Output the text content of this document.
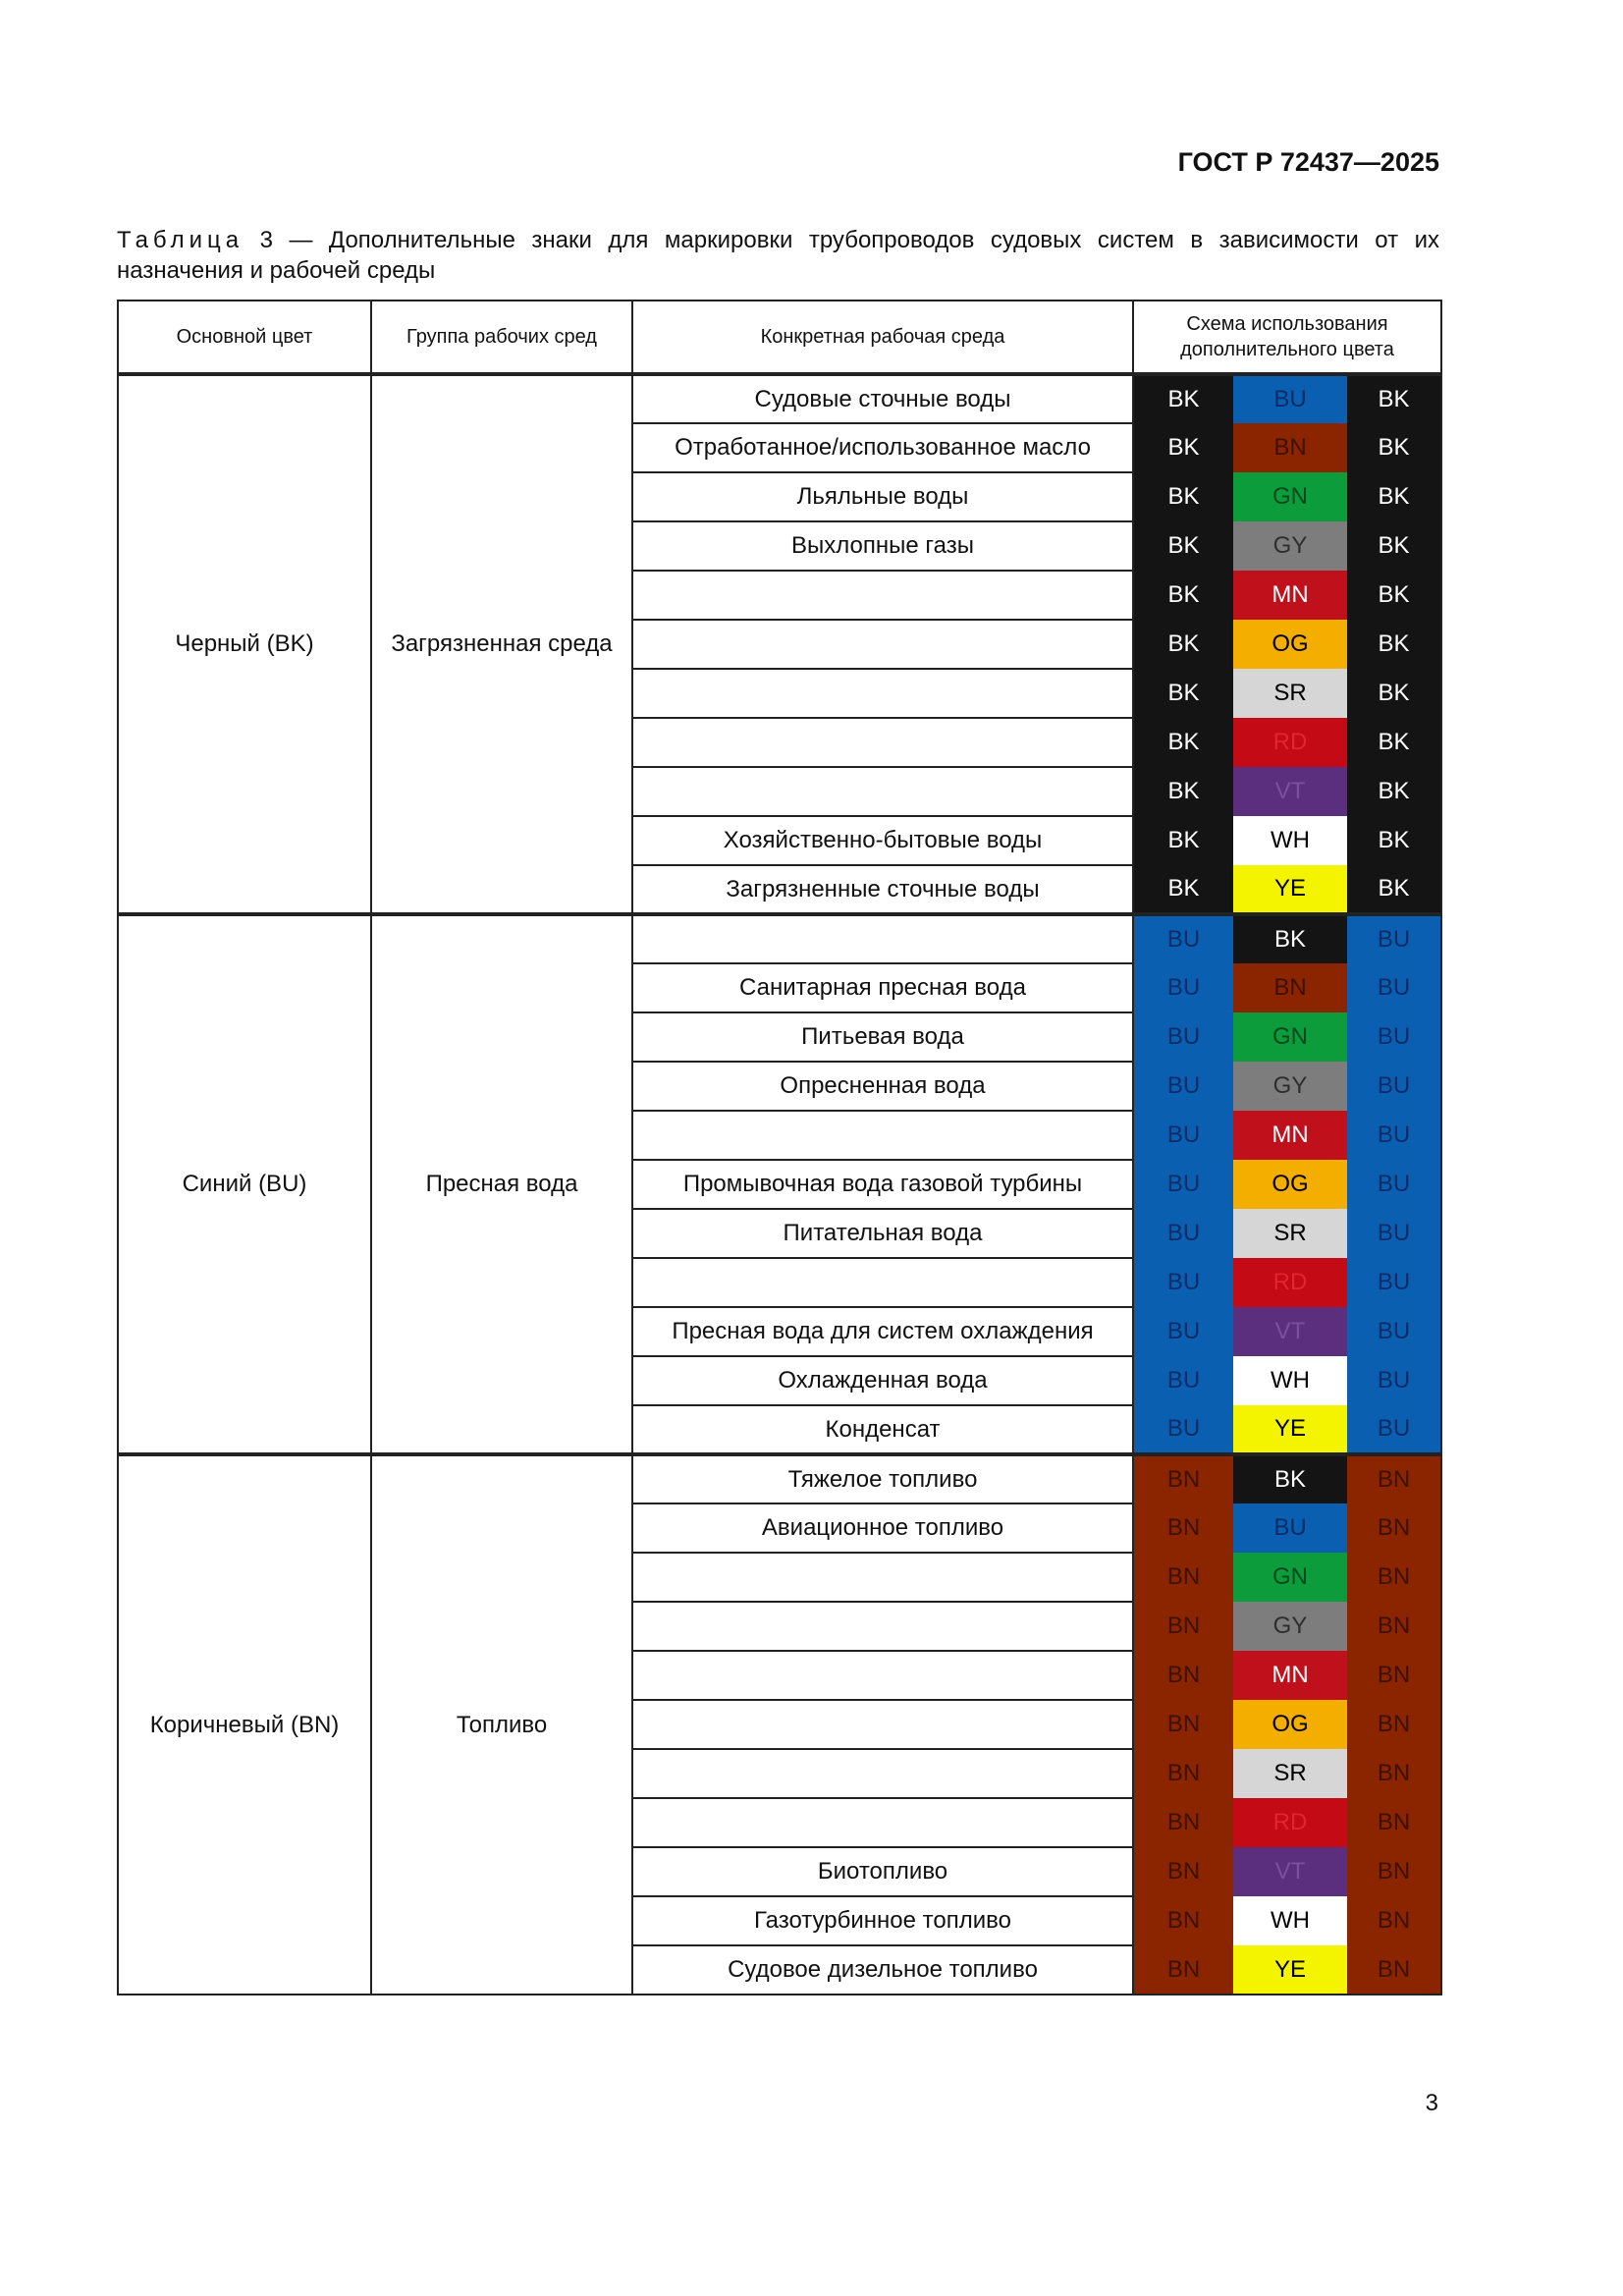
ГОСТ Р 72437—2025
Таблица 3 — Дополнительные знаки для маркировки трубопроводов судовых систем в зависимости от их назначения и рабочей среды
Основной цвет	Группа рабочих сред	Конкретная рабочая среда	Схема использования дополнительного цвета		
Черный (BK)	Загрязненная среда	Судовые сточные воды	BK	BU	BK
		Отработанное/использованное масло	BK	BN	BK
		Льяльные воды	BK	GN	BK
		Выхлопные газы	BK	GY	BK
			BK	MN	BK
			BK	OG	BK
			BK	SR	BK
			BK	RD	BK
			BK	VT	BK
		Хозяйственно-бытовые воды	BK	WH	BK
		Загрязненные сточные воды	BK	YE	BK
Синий (BU)	Пресная вода		BU	BK	BU
		Санитарная пресная вода	BU	BN	BU
		Питьевая вода	BU	GN	BU
		Опресненная вода	BU	GY	BU
			BU	MN	BU
		Промывочная вода газовой турбины	BU	OG	BU
		Питательная вода	BU	SR	BU
			BU	RD	BU
		Пресная вода для систем охлаждения	BU	VT	BU
		Охлажденная вода	BU	WH	BU
		Конденсат	BU	YE	BU
Коричневый (BN)	Топливо	Тяжелое топливо	BN	BK	BN
		Авиационное топливо	BN	BU	BN
			BN	GN	BN
			BN	GY	BN
			BN	MN	BN
			BN	OG	BN
			BN	SR	BN
			BN	RD	BN
		Биотопливо	BN	VT	BN
		Газотурбинное топливо	BN	WH	BN
		Судовое дизельное топливо	BN	YE	BN
3
